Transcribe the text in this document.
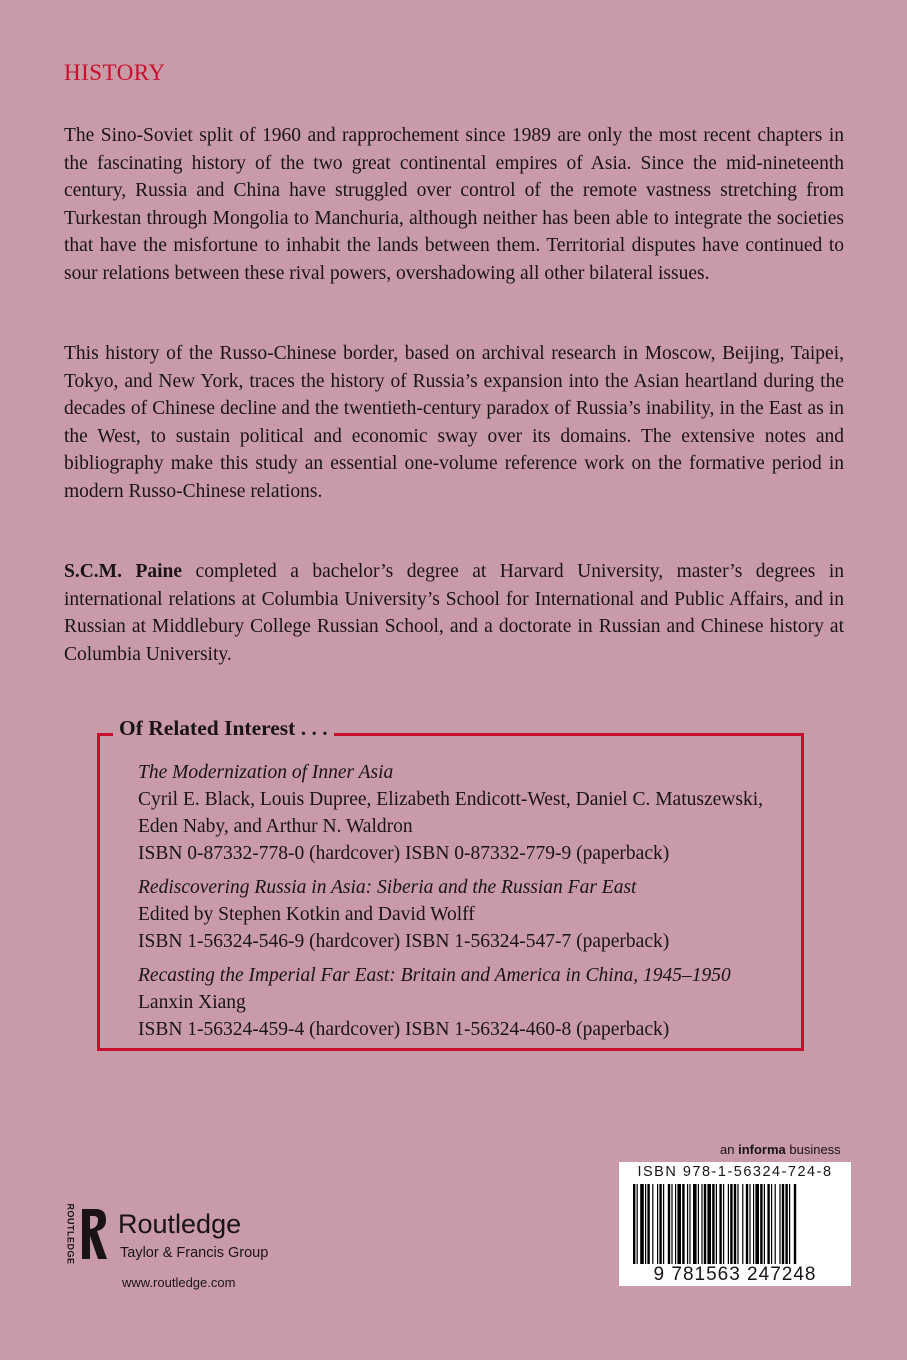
HISTORY
The Sino-Soviet split of 1960 and rapprochement since 1989 are only the most recent chapters in the fascinating history of the two great continental empires of Asia. Since the mid-nineteenth century, Russia and China have struggled over control of the remote vastness stretching from Turkestan through Mongolia to Manchuria, although neither has been able to integrate the societies that have the misfortune to inhabit the lands between them. Territorial disputes have continued to sour relations between these rival powers, overshadowing all other bilateral issues.
This history of the Russo-Chinese border, based on archival research in Moscow, Beijing, Taipei, Tokyo, and New York, traces the history of Russia’s expansion into the Asian heartland during the decades of Chinese decline and the twentieth-century paradox of Russia’s inability, in the East as in the West, to sustain political and economic sway over its domains. The extensive notes and bibliography make this study an essential one-volume reference work on the formative period in modern Russo-Chinese relations.
S.C.M. Paine completed a bachelor’s degree at Harvard University, master’s degrees in international relations at Columbia University’s School for International and Public Affairs, and in Russian at Middlebury College Russian School, and a doctorate in Russian and Chinese history at Columbia University.
Of Related Interest . . .
The Modernization of Inner Asia
Cyril E. Black, Louis Dupree, Elizabeth Endicott-West, Daniel C. Matuszewski, Eden Naby, and Arthur N. Waldron
ISBN 0-87332-778-0 (hardcover) ISBN 0-87332-779-9 (paperback)
Rediscovering Russia in Asia: Siberia and the Russian Far East
Edited by Stephen Kotkin and David Wolff
ISBN 1-56324-546-9 (hardcover) ISBN 1-56324-547-7 (paperback)
Recasting the Imperial Far East: Britain and America in China, 1945–1950
Lanxin Xiang
ISBN 1-56324-459-4 (hardcover) ISBN 1-56324-460-8 (paperback)
an informa business
ISBN 978-1-56324-724-8
9 781563 247248
ROUTLEDGE Routledge
Taylor & Francis Group
www.routledge.com
